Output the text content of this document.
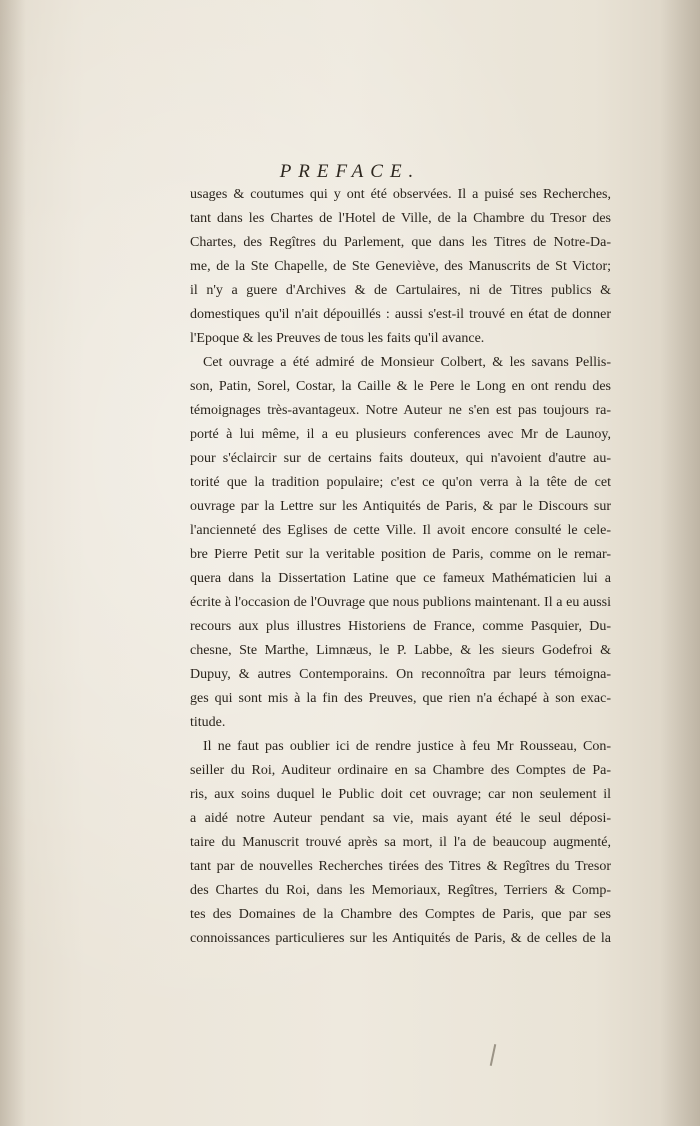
PREFACE.
usages & coutumes qui y ont été observées. Il a puisé ses Recherches,
tant dans les Chartes de l'Hotel de Ville, de la Chambre du Tresor des
Chartes, des Regîtres du Parlement, que dans les Titres de Notre-Da-
me, de la Ste Chapelle, de Ste Geneviève, des Manuscrits de St Victor;
il n'y a guere d'Archives & de Cartulaires, ni de Titres publics &
domestiques qu'il n'ait dépouillés : aussi s'est-il trouvé en état de donner
l'Epoque & les Preuves de tous les faits qu'il avance.
Cet ouvrage a été admiré de Monsieur Colbert, & les savans Pellis-
son, Patin, Sorel, Costar, la Caille & le Pere le Long en ont rendu des
témoignages très-avantageux. Notre Auteur ne s'en est pas toujours ra-
porté à lui même, il a eu plusieurs conferences avec Mr de Launoy,
pour s'éclaircir sur de certains faits douteux, qui n'avoient d'autre au-
torité que la tradition populaire; c'est ce qu'on verra à la tête de cet
ouvrage par la Lettre sur les Antiquités de Paris, & par le Discours sur
l'ancienneté des Eglises de cette Ville. Il avoit encore consulté le cele-
bre Pierre Petit sur la veritable position de Paris, comme on le remar-
quera dans la Dissertation Latine que ce fameux Mathématicien lui a
écrite à l'occasion de l'Ouvrage que nous publions maintenant. Il a eu aussi
recours aux plus illustres Historiens de France, comme Pasquier, Du-
chesne, Ste Marthe, Limnæus, le P. Labbe, & les sieurs Godefroi &
Dupuy, & autres Contemporains. On reconnoîtra par leurs témoigna-
ges qui sont mis à la fin des Preuves, que rien n'a échapé à son exac-
titude.
Il ne faut pas oublier ici de rendre justice à feu Mr Rousseau, Con-
seiller du Roi, Auditeur ordinaire en sa Chambre des Comptes de Pa-
ris, aux soins duquel le Public doit cet ouvrage; car non seulement il
a aidé notre Auteur pendant sa vie, mais ayant été le seul déposi-
taire du Manuscrit trouvé après sa mort, il l'a de beaucoup augmenté,
tant par de nouvelles Recherches tirées des Titres & Regîtres du Tresor
des Chartes du Roi, dans les Memoriaux, Regîtres, Terriers & Comp-
tes des Domaines de la Chambre des Comptes de Paris, que par ses
connoissances particulieres sur les Antiquités de Paris, & de celles de la
